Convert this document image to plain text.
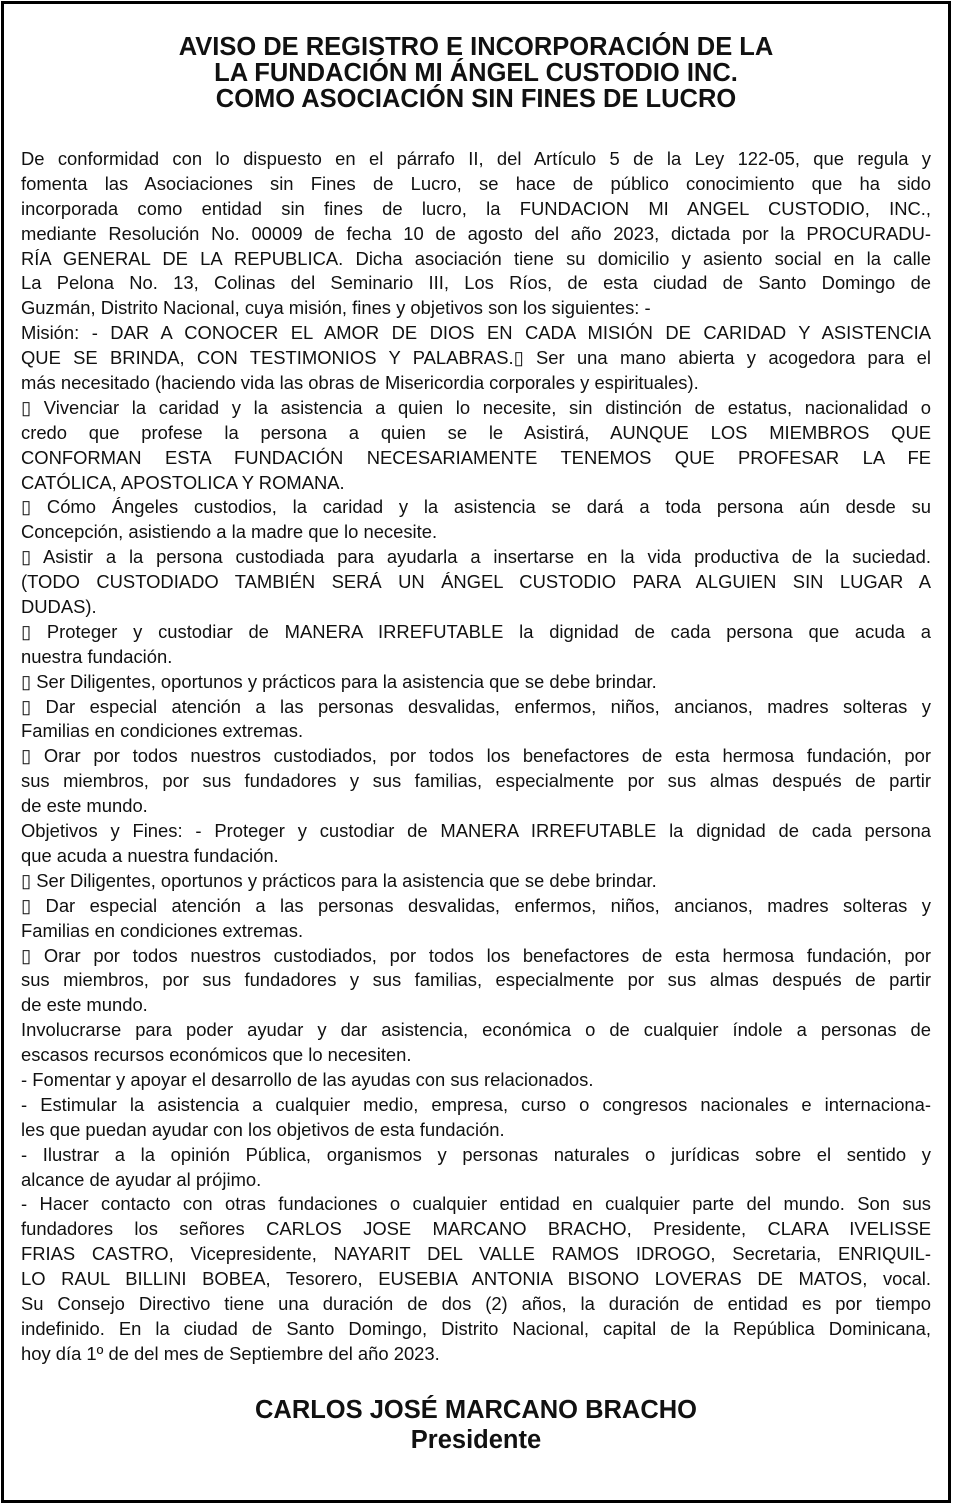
AVISO DE REGISTRO E INCORPORACIÓN DE LA
LA FUNDACIÓN MI ÁNGEL CUSTODIO INC.
COMO ASOCIACIÓN SIN FINES DE LUCRO
De conformidad con lo dispuesto en el párrafo II, del Artículo 5 de la Ley 122-05, que regula y
fomenta las Asociaciones sin Fines de Lucro, se hace de público conocimiento que ha sido
incorporada como entidad sin fines de lucro, la FUNDACION MI ANGEL CUSTODIO, INC.,
mediante Resolución No. 00009 de fecha 10 de agosto del año 2023, dictada por la PROCURADU-
RÍA GENERAL DE LA REPUBLICA. Dicha asociación tiene su domicilio y asiento social en la calle
La Pelona No. 13, Colinas del Seminario III, Los Ríos, de esta ciudad de Santo Domingo de
Guzmán, Distrito Nacional, cuya misión, fines y objetivos son los siguientes: -
Misión: - DAR A CONOCER EL AMOR DE DIOS EN CADA MISIÓN DE CARIDAD Y ASISTENCIA
QUE SE BRINDA, CON TESTIMONIOS Y PALABRAS.▯ Ser una mano abierta y acogedora para el
más necesitado (haciendo vida las obras de Misericordia corporales y espirituales).
▯ Vivenciar la caridad y la asistencia a quien lo necesite, sin distinción de estatus, nacionalidad o
credo que profese la persona a quien se le Asistirá, AUNQUE LOS MIEMBROS QUE
CONFORMAN ESTA FUNDACIÓN NECESARIAMENTE TENEMOS QUE PROFESAR LA FE
CATÓLICA, APOSTOLICA Y ROMANA.
▯ Cómo Ángeles custodios, la caridad y la asistencia se dará a toda persona aún desde su
Concepción, asistiendo a la madre que lo necesite.
▯ Asistir a la persona custodiada para ayudarla a insertarse en la vida productiva de la suciedad.
(TODO CUSTODIADO TAMBIÉN SERÁ UN ÁNGEL CUSTODIO PARA ALGUIEN SIN LUGAR A
DUDAS).
▯ Proteger y custodiar de MANERA IRREFUTABLE la dignidad de cada persona que acuda a
nuestra fundación.
▯ Ser Diligentes, oportunos y prácticos para la asistencia que se debe brindar.
▯ Dar especial atención a las personas desvalidas, enfermos, niños, ancianos, madres solteras y
Familias en condiciones extremas.
▯ Orar por todos nuestros custodiados, por todos los benefactores de esta hermosa fundación, por
sus miembros, por sus fundadores y sus familias, especialmente por sus almas después de partir
de este mundo.
Objetivos y Fines: - Proteger y custodiar de MANERA IRREFUTABLE la dignidad de cada persona
que acuda a nuestra fundación.
▯ Ser Diligentes, oportunos y prácticos para la asistencia que se debe brindar.
▯ Dar especial atención a las personas desvalidas, enfermos, niños, ancianos, madres solteras y
Familias en condiciones extremas.
▯ Orar por todos nuestros custodiados, por todos los benefactores de esta hermosa fundación, por
sus miembros, por sus fundadores y sus familias, especialmente por sus almas después de partir
de este mundo.
Involucrarse para poder ayudar y dar asistencia, económica o de cualquier índole a personas de
escasos recursos económicos que lo necesiten.
- Fomentar y apoyar el desarrollo de las ayudas con sus relacionados.
- Estimular la asistencia a cualquier medio, empresa, curso o congresos nacionales e internaciona-
les que puedan ayudar con los objetivos de esta fundación.
- Ilustrar a la opinión Pública, organismos y personas naturales o jurídicas sobre el sentido y
alcance de ayudar al prójimo.
- Hacer contacto con otras fundaciones o cualquier entidad en cualquier parte del mundo. Son sus
fundadores los señores CARLOS JOSE MARCANO BRACHO, Presidente, CLARA IVELISSE
FRIAS CASTRO, Vicepresidente, NAYARIT DEL VALLE RAMOS IDROGO, Secretaria, ENRIQUIL-
LO RAUL BILLINI BOBEA, Tesorero, EUSEBIA ANTONIA BISONO LOVERAS DE MATOS, vocal.
Su Consejo Directivo tiene una duración de dos (2) años, la duración de entidad es por tiempo
indefinido. En la ciudad de Santo Domingo, Distrito Nacional, capital de la República Dominicana,
hoy día 1º de del mes de Septiembre del año 2023.
CARLOS JOSÉ MARCANO BRACHO
Presidente
